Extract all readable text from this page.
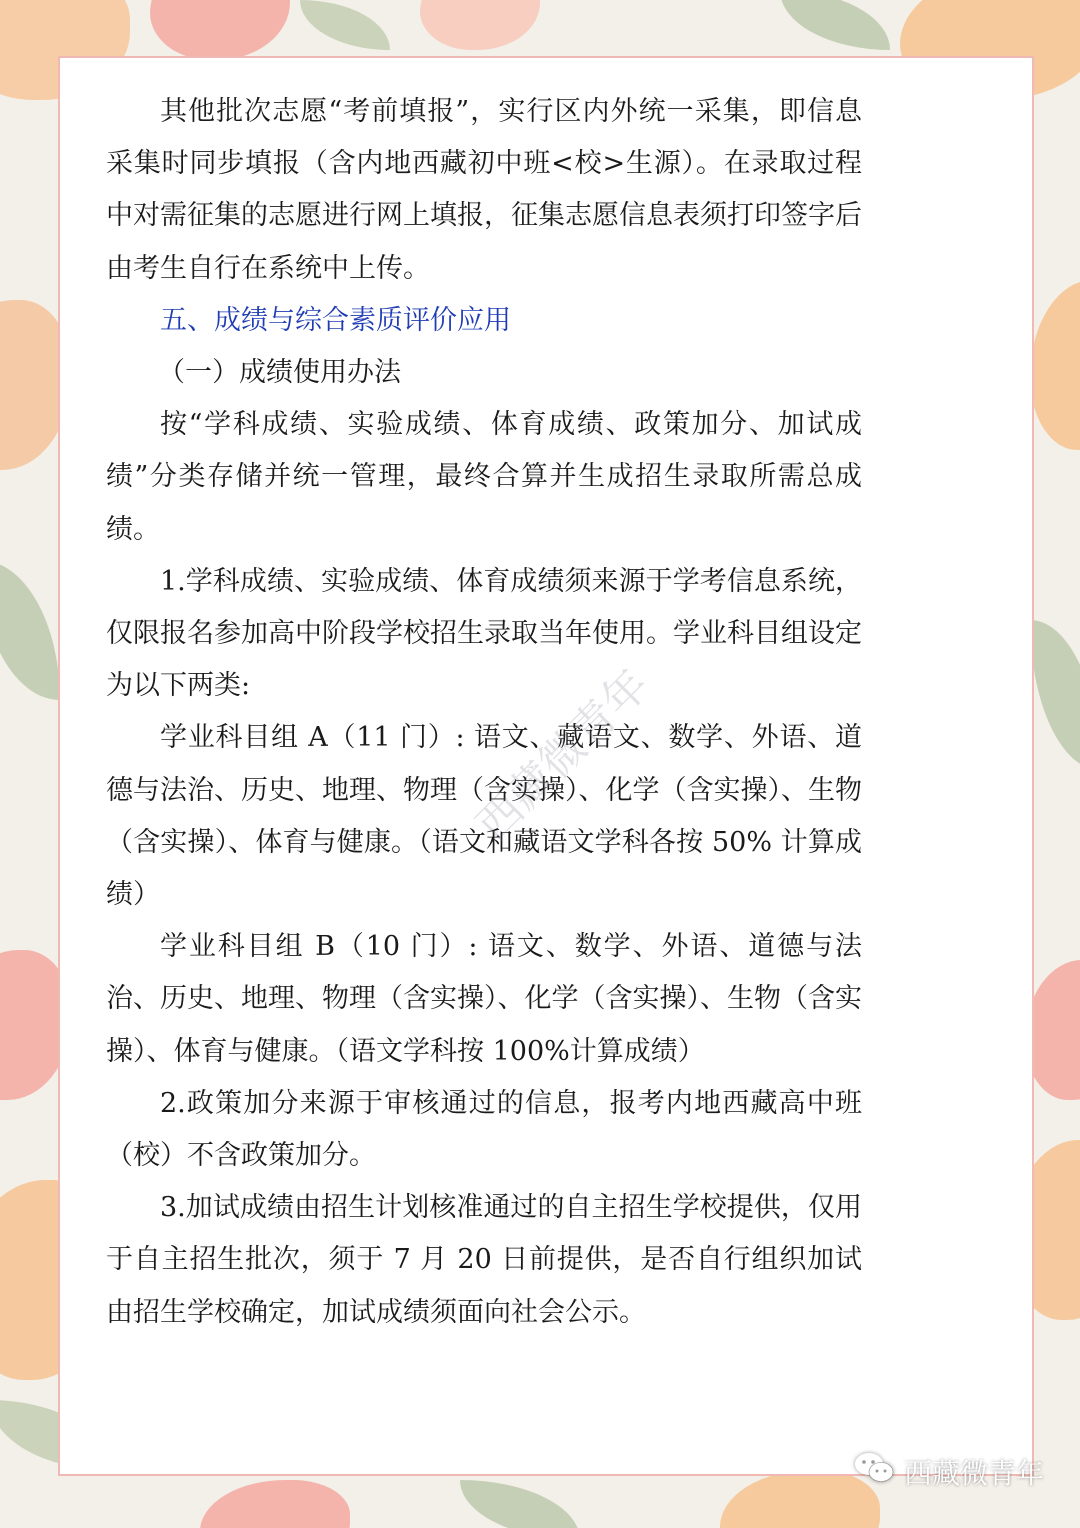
其他批次志愿“考前填报”，实行区内外统一采集，即信息采集时同步填报（含内地西藏初中班<校>生源）。在录取过程中对需征集的志愿进行网上填报，征集志愿信息表须打印签字后由考生自行在系统中上传。

五、成绩与综合素质评价应用

（一）成绩使用办法

按“学科成绩、实验成绩、体育成绩、政策加分、加试成绩”分类存储并统一管理，最终合算并生成招生录取所需总成绩。

1.学科成绩、实验成绩、体育成绩须来源于学考信息系统，仅限报名参加高中阶段学校招生录取当年使用。学业科目组设定为以下两类:

学业科目组 A（11 门）: 语文、藏语文、数学、外语、道德与法治、历史、地理、物理（含实操）、化学（含实操）、生物（含实操）、体育与健康。（语文和藏语文学科各按 50% 计算成绩）

学业科目组 B（10 门）: 语文、数学、外语、道德与法治、历史、地理、物理（含实操）、化学（含实操）、生物（含实操）、体育与健康。（语文学科按 100%计算成绩）

2.政策加分来源于审核通过的信息，报考内地西藏高中班（校）不含政策加分。

3.加试成绩由招生计划核准通过的自主招生学校提供，仅用于自主招生批次，须于 7 月 20 日前提供，是否自行组织加试由招生学校确定，加试成绩须面向社会公示。

西藏微青年
西藏微青年
